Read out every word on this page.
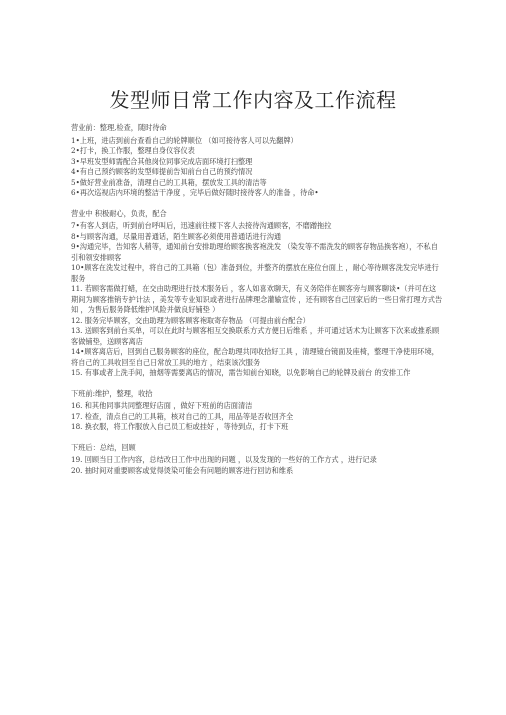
发型师日常工作内容及工作流程
营业前：整理,检查，随时待命
1•上班，进店到前台查看自己的轮牌顺位 （如可接待客人可以先翻牌）
2•打卡，换工作服，整理自身仪容仪表
3•早班发型师需配合其他岗位同事完成店面环境打扫整理
4•有自己预约顾客的发型师提前告知前台自己的预约情况
5•做好营业前准备，清理自己的工具箱，摆放发工具的清洁等
6•再次巡视店内环境的整洁干净度 ，完毕后做好随时接待客人的准备 ，待命•
营业中 积极耐心，负责，配合
7•有客人到店，听到前台呼叫后，迅速前往楼下客人去接待沟通顾客，不磨蹭拖拉
8•与顾客沟通，尽量用普通话，陌生顾客必须使用普通话进行沟通
9•沟通完毕，告知客人稍等，通知前台安排助理给顾客换客袍洗发 （染发等不需洗发的顾客存物品换客袍），不私自引和领安排顾客
10•顾客在洗发过程中，将自己的工具箱（包）准备到位，并整齐的摆放在座位台面上 ，耐心等待顾客洗发完毕进行服务
11. 若顾客需做打蜡，在交由助理进行技术服务后 ，客人如喜欢聊天，有义务陪伴在顾客旁与顾客聊谈•（并可在这期间为顾客推销专护计法 ，美发等专业知识或者进行品牌理念灌输宣传 ，还有顾客自己回家后的一些日常打理方式告知 ，为售后服务降低维护风险并做良好铺垫 ）
12. 服务完毕顾客，交由助理为顾客顾客袍取寄存物品 （可提由前台配合）
13. 送顾客到前台买单，可以在此时与顾客相互交换联系方式方便日后维系 ，并可通过话术为让顾客下次来或推系顾客做铺垫，送顾客离店
14•顾客离店后，回到自己服务顾客的座位，配合助理共同收拾好工具 ，清理镜台镜面及座椅，整理干净使用环境，将自己的工具收回至自己日常放工具的地方 ，结束该次服务
15. 有事或者上洗手间，抽烟等需要离店的情况，需告知前台知晓，以免影响自己的轮牌及前台 的安排工作
下班前:维护，整理，收拾
16. 和其他同事共同整理好店面 ，做好下班前的店面清洁
17. 检查，清点自己的工具箱，核对自己的工具，用品等是否收回齐全
18. 换衣服，将工作服放入自己员工柜或挂好 ，等待到点，打卡下班
下班后：总结，回顾
19. 回顾当日工作内容，总结改日工作中出现的问题 ，以及发现的一些好的工作方式 ，进行记录
20. 抽时间对重要顾客或觉得烫染可能会有问题的顾客进行回访和维系
